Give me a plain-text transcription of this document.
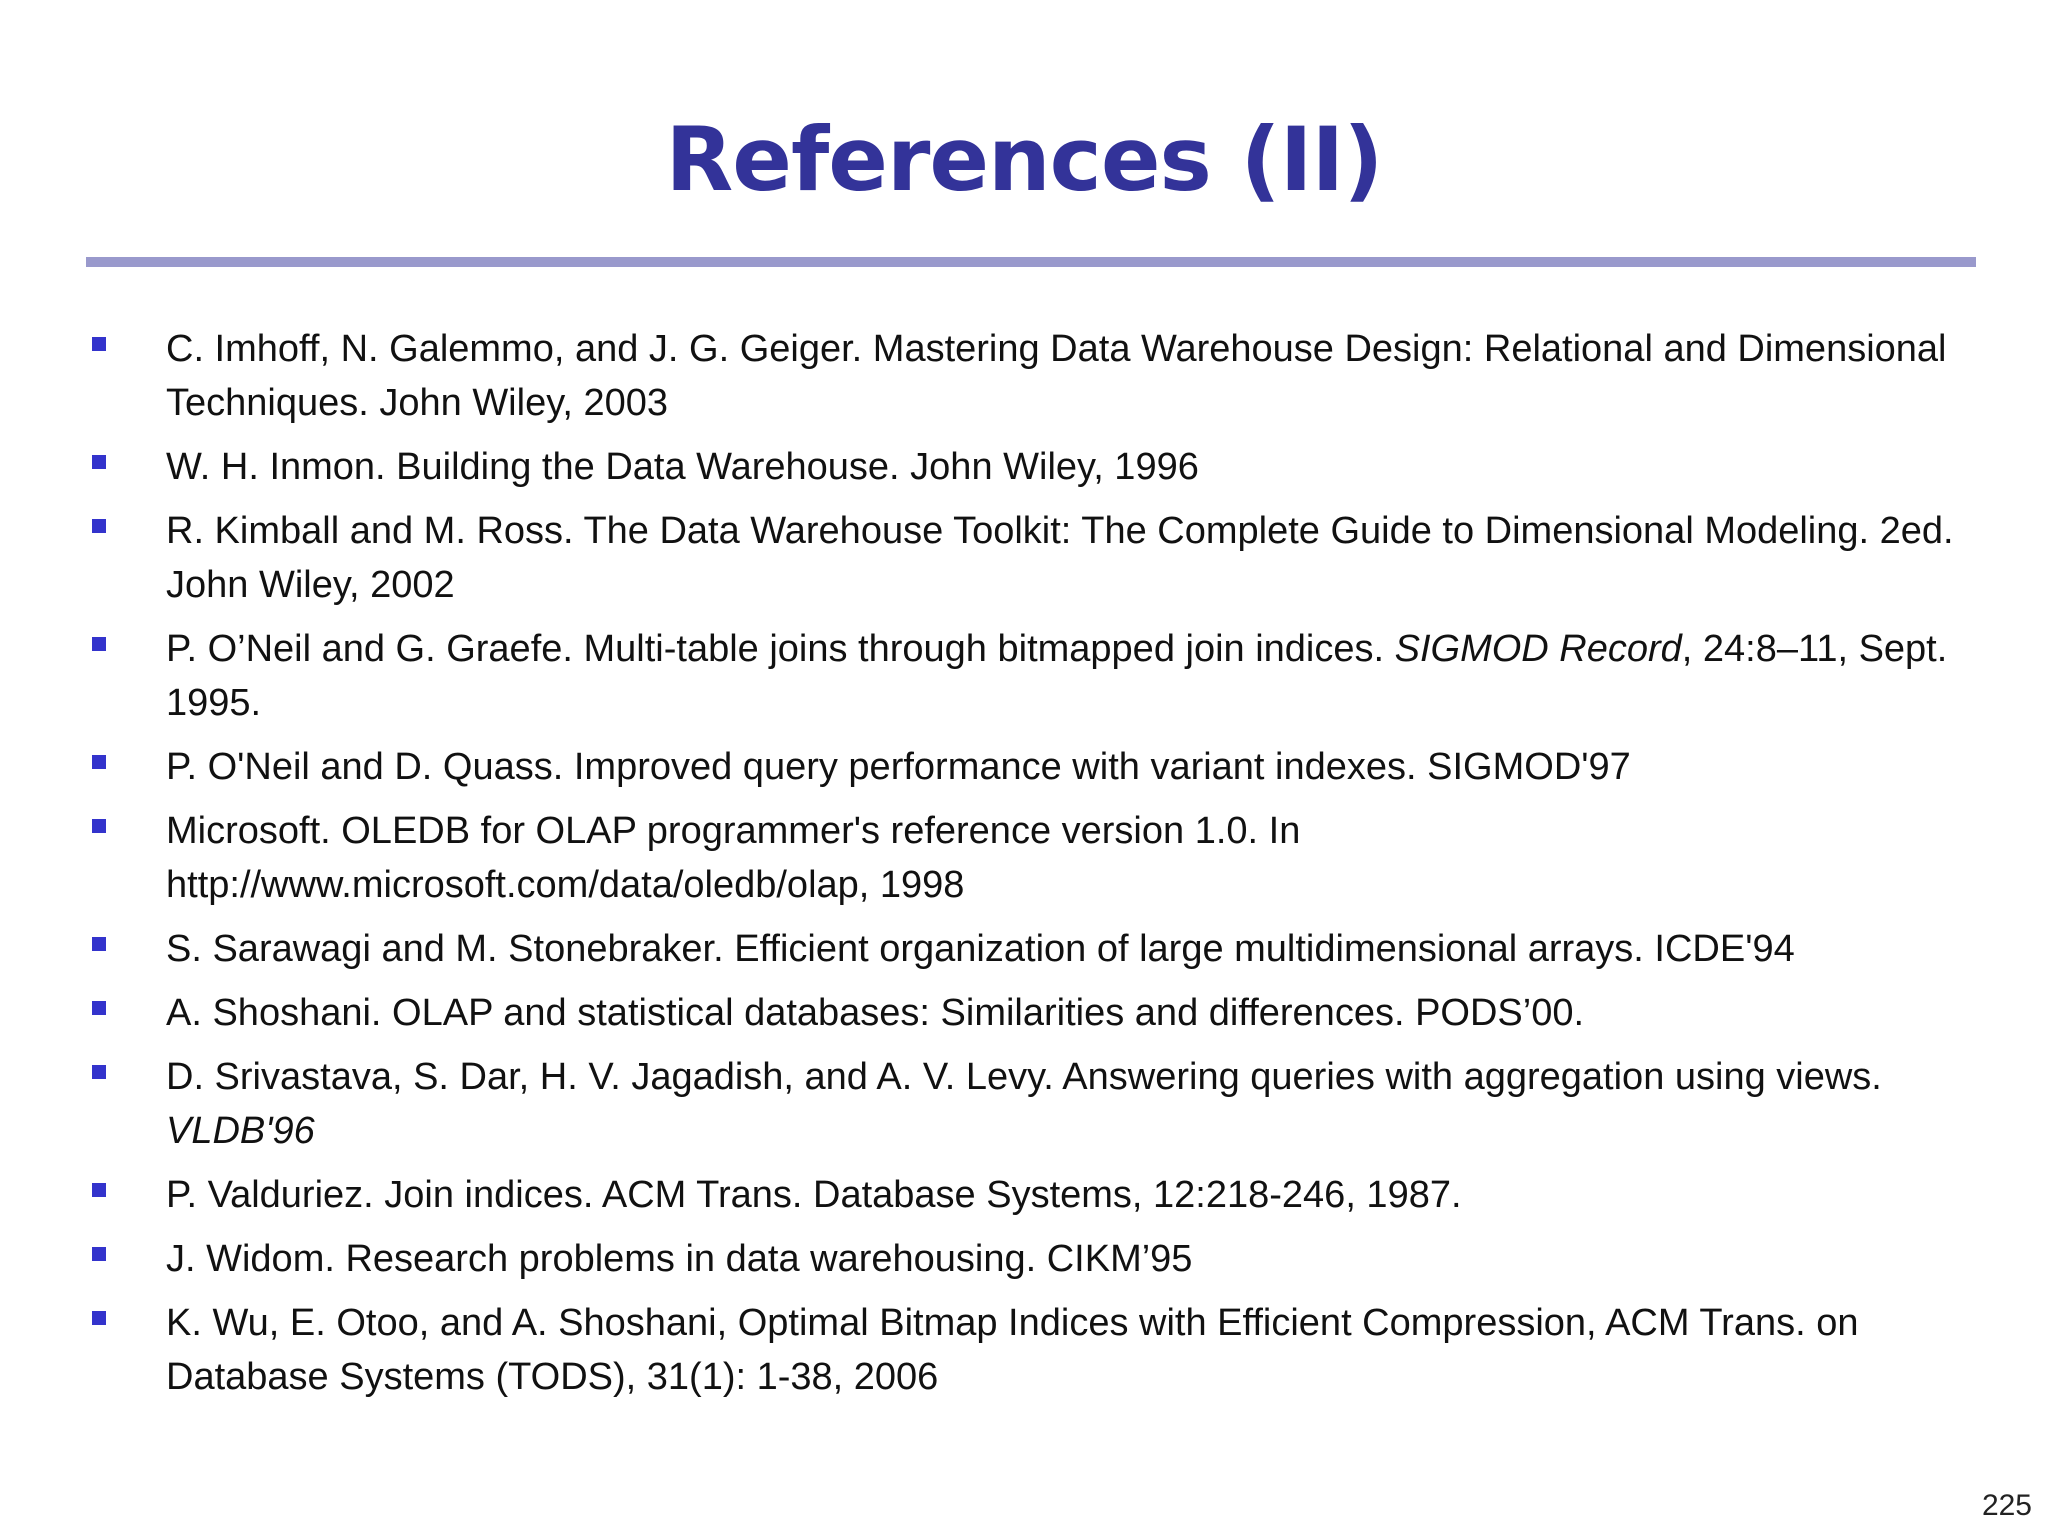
References (II)
C. Imhoff, N. Galemmo, and J. G. Geiger. Mastering Data Warehouse Design: Relational and Dimensional Techniques. John Wiley, 2003
W. H. Inmon. Building the Data Warehouse. John Wiley, 1996
R. Kimball and M. Ross. The Data Warehouse Toolkit: The Complete Guide to Dimensional Modeling. 2ed. John Wiley, 2002
P. O’Neil and G. Graefe. Multi-table joins through bitmapped join indices. SIGMOD Record, 24:8–11, Sept. 1995.
P. O'Neil and D. Quass. Improved query performance with variant indexes. SIGMOD'97
Microsoft. OLEDB for OLAP programmer's reference version 1.0. In http://www.microsoft.com/data/oledb/olap, 1998
S. Sarawagi and M. Stonebraker. Efficient organization of large multidimensional arrays. ICDE'94
A. Shoshani. OLAP and statistical databases: Similarities and differences. PODS’00.
D. Srivastava, S. Dar, H. V. Jagadish, and A. V. Levy. Answering queries with aggregation using views. VLDB'96
P. Valduriez. Join indices. ACM Trans. Database Systems, 12:218-246, 1987.
J. Widom. Research problems in data warehousing. CIKM’95
K. Wu, E. Otoo, and A. Shoshani, Optimal Bitmap Indices with Efficient Compression, ACM Trans. on Database Systems (TODS), 31(1): 1-38, 2006
225
